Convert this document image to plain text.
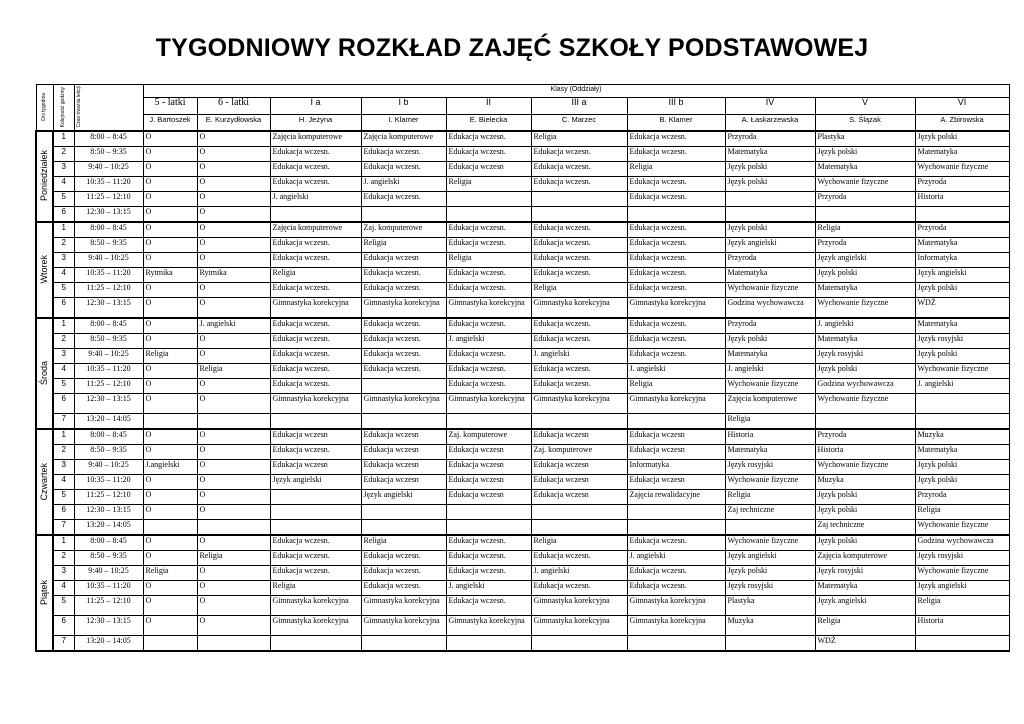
TYGODNIOWY ROZKŁAD ZAJĘĆ SZKOŁY PODSTAWOWEJ
Dni tygodnia	Kolejność godziny	Czas trwania lekcji	Klasy (Oddziały)									
			5 - latki	6 - latki	I a	I b	II	III a	III b	IV	V	VI
			J. Bartoszek	E. Kurzydłowska	H. Jeżyna	I. Klamer	E. Bielecka	C. Marzec	B. Klamer	A. Łaskarzewska	S. Ślązak	A. Zbirowska
Poniedziałek	1	8:00 – 8:45	O	O	Zajęcia komputerowe	Zajęcia komputerowe	Edukacja wczesn.	Religia	Edukacja wczesn.	Przyroda	Plastyka	Język polski
	2	8:50 – 9:35	O	O	Edukacja wczesn.	Edukacja wczesn.	Edukacja wczesn.	Edukacja wczesn.	Edukacja wczesn.	Matematyka	Język polski	Matematyka
	3	9:40 – 10:25	O	O	Edukacja wczesn.	Edukacja wczesn.	Edukacja wczesn	Edukacja wczesn.	Religia	Język polski	Matematyka	Wychowanie fizyczne
	4	10:35 – 11:20	O	O	Edukacja wczesn.	J. angielski	Religia	Edukacja wczesn.	Edukacja wczesn.	Język polski	Wychowanie fizyczne	Przyroda
	5	11:25 – 12:10	O	O	J. angielski	Edukacja wczesn.			Edukacja wczesn.		Przyroda	Historia
	6	12:30 – 13:15	O	O								
Wtorek	1	8:00 – 8:45	O	O	Zajęcia komputerowe	Zaj. komputerowe	Edukacja wczesn.	Edukacja wczesn.	Edukacja wczesn.	Język polski	Religia	Przyroda
	2	8:50 – 9:35	O	O	Edukacja wczesn.	Religia	Edukacja wczesn.	Edukacja wczesn.	Edukacja wczesn.	Język angielski	Przyroda	Matematyka
	3	9:40 – 10:25	O	O	Edukacja wczesn.	Edukacja wczesn	Religia	Edukacja wczesn.	Edukacja wczesn.	Przyroda	Język angielski	Informatyka
	4	10:35 – 11:20	Rytmika	Rytmika	Religia	Edukacja wczesn.	Edukacja wczesn.	Edukacja wczesn.	Edukacja wczesn.	Matematyka	Język polski	Język angielski
	5	11:25 – 12:10	O	O	Edukacja wczesn.	Edukacja wczesn.	Edukacja wczesn.	Religia	Edukacja wczesn.	Wychowanie fizyczne	Matematyka	Język polski
	6	12:30 – 13:15	O	O	Gimnastyka korekcyjna	Gimnastyka korekcyjna	Gimnastyka korekcyjna	Gimnastyka korekcyjna	Gimnastyka korekcyjna	Godzina wychowawcza	Wychowanie fizyczne	WDŻ
Środa	1	8:00 – 8:45	O	J. angielski	Edukacja wczesn.	Edukacja wczesn.	Edukacja wczesn.	Edukacja wczesn.	Edukacja wczesn.	Przyroda	J. angielski	Matematyka
	2	8:50 – 9:35	O	O	Edukacja wczesn.	Edukacja wczesn.	J. angielski	Edukacja wczesn.	Edukacja wczesn.	Język polski	Matematyka	Język rosyjski
	3	9:40 – 10:25	Religia	O	Edukacja wczesn.	Edukacja wczesn.	Edukacja wczesn.	J. angielski	Edukacja wczesn.	Matematyka	Język rosyjski	Język polski
	4	10:35 – 11:20	O	Religia	Edukacja wczesn.	Edukacja wczesn.	Edukacja wczesn.	Edukacja wczesn.	J. angielski	J. angielski	Język polski	Wychowanie fizyczne
	5	11:25 – 12:10	O	O	Edukacja wczesn.		Edukacja wczesn.	Edukacja wczesn.	Religia	Wychowanie fizyczne	Godzina wychowawcza	J. angielski
	6	12:30 – 13:15	O	O	Gimnastyka korekcyjna	Gimnastyka korekcyjna	Gimnastyka korekcyjna	Gimnastyka korekcyjna	Gimnastyka korekcyjna	Zajęcia komputerowe	Wychowanie fizyczne	
	7	13:20 – 14:05								Religia		
Czwartek	1	8:00 – 8:45	O	O	Edukacja wczesn	Edukacja wczesn	Zaj. komputerowe	Edukacja wczesn	Edukacja wczesn	Historia	Przyroda	Muzyka
	2	8:50 – 9:35	O	O	Edukacja wczesn.	Edukacja wczesn	Edukacja wczesn	Zaj. komputerowe	Edukacja wczesn	Matematyka	Historia	Matematyka
	3	9:40 – 10:25	J.angielski	O	Edukacja wczesn	Edukacja wczesn	Edukacja wczesn	Edukacja wczesn	Informatyka	Język rosyjski	Wychowanie fizyczne	Język polski
	4	10:35 – 11:20	O	O	Język angielski	Edukacja wczesn	Edukacja wczesn	Edukacja wczesn	Edukacja wczesn	Wychowanie fizyczne	Muzyka	Język polski
	5	11:25 – 12:10	O	O		Język angielski	Edukacja wczesn	Edukacja wczesn	Zajęcia rewalidacyjne	Religia	Język polski	Przyroda
	6	12:30 – 13:15	O	O						Zaj techniczne	Język polski	Religia
	7	13:20 – 14:05									Zaj techniczne	Wychowanie fizyczne
Piątek	1	8:00 – 8:45	O	O	Edukacja wczesn.	Religia	Edukacja wczesn.	Religia	Edukacja wczesn.	Wychowanie fizyczne	Język polski	Godzina wychowawcza
	2	8:50 – 9:35	O	Religia	Edukacja wczesn.	Edukacja wczesn.	Edukacja wczesn.	Edukacja wczesn.	J. angielski	Język angielski	Zajęcia komputerowe	Język rosyjski
	3	9:40 – 10:25	Religia	O	Edukacja wczesn.	Edukacja wczesn.	Edukacja wczesn.	J. angielski	Edukacja wczesn.	Język polski	Język rosyjski	Wychowanie fizyczne
	4	10:35 – 11:20	O	O	Religia	Edukacja wczesn.	J. angielski	Edukacja wczesn.	Edukacja wczesn.	Język rosyjski	Matematyka	Język angielski
	5	11:25 – 12:10	O	O	Gimnastyka korekcyjna	Gimnastyka korekcyjna	Edukacja wczesn.	Gimnastyka korekcyjna	Gimnastyka korekcyjna	Plastyka	Język angielski	Religia
	6	12:30 – 13:15	O	O	Gimnastyka korekcyjna	Gimnastyka korekcyjna	Gimnastyka korekcyjna	Gimnastyka korekcyjna	Gimnastyka korekcyjna	Muzyka	Religia	Historia
	7	13:20 – 14:05									WDŻ	
